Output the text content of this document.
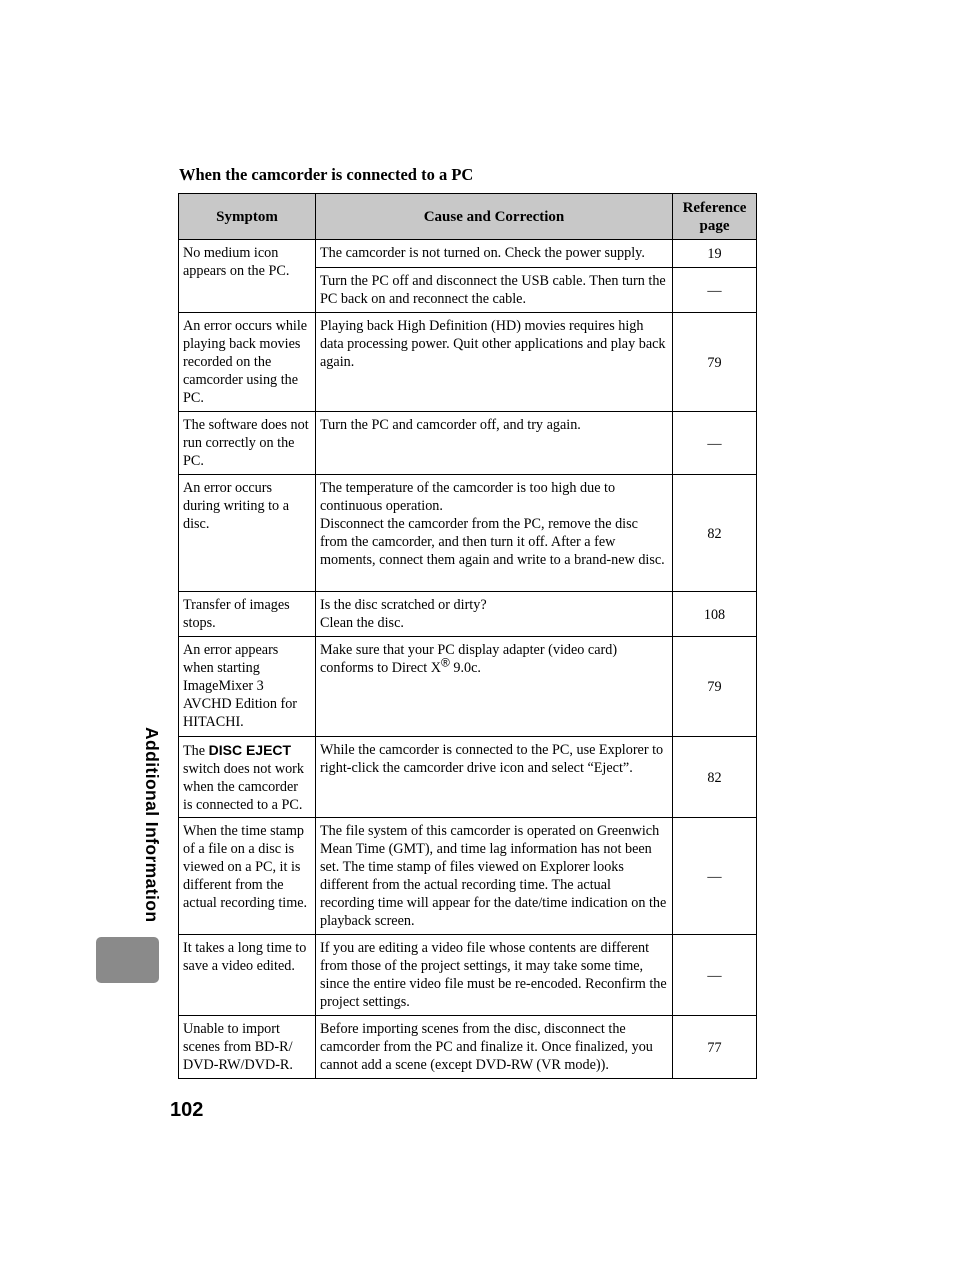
When the camcorder is connected to a PC
Symptom	Cause and Correction	Reference page
No medium icon appears on the PC.	The camcorder is not turned on. Check the power supply.	19
	Turn the PC off and disconnect the USB cable. Then turn the PC back on and reconnect the cable.	—
An error occurs while playing back movies recorded on the camcorder using the PC.	Playing back High Definition (HD) movies requires high data processing power. Quit other applications and play back again.	79
The software does not run correctly on the PC.	Turn the PC and camcorder off, and try again.	—
An error occurs during writing to a disc.	The temperature of the camcorder is too high due to continuous operation.
Disconnect the camcorder from the PC, remove the disc from the camcorder, and then turn it off. After a few moments, connect them again and write to a brand-new disc.	82
Transfer of images stops.	Is the disc scratched or dirty?
Clean the disc.	108
An error appears when starting ImageMixer 3 AVCHD Edition for HITACHI.	Make sure that your PC display adapter (video card) conforms to Direct X® 9.0c.	79
The DISC EJECT switch does not work when the camcorder is connected to a PC.	While the camcorder is connected to the PC, use Explorer to right-click the camcorder drive icon and select “Eject”.	82
When the time stamp of a file on a disc is viewed on a PC, it is different from the actual recording time.	The file system of this camcorder is operated on Greenwich Mean Time (GMT), and time lag information has not been set. The time stamp of files viewed on Explorer looks different from the actual recording time. The actual recording time will appear for the date/time indication on the playback screen.	—
It takes a long time to save a video edited.	If you are editing a video file whose contents are different from those of the project settings, it may take some time, since the entire video file must be re-encoded. Reconfirm the project settings.	—
Unable to import scenes from BD-R/ DVD-RW/DVD-R.	Before importing scenes from the disc, disconnect the camcorder from the PC and finalize it. Once finalized, you cannot add a scene (except DVD-RW (VR mode)).	77
Additional Information
102
